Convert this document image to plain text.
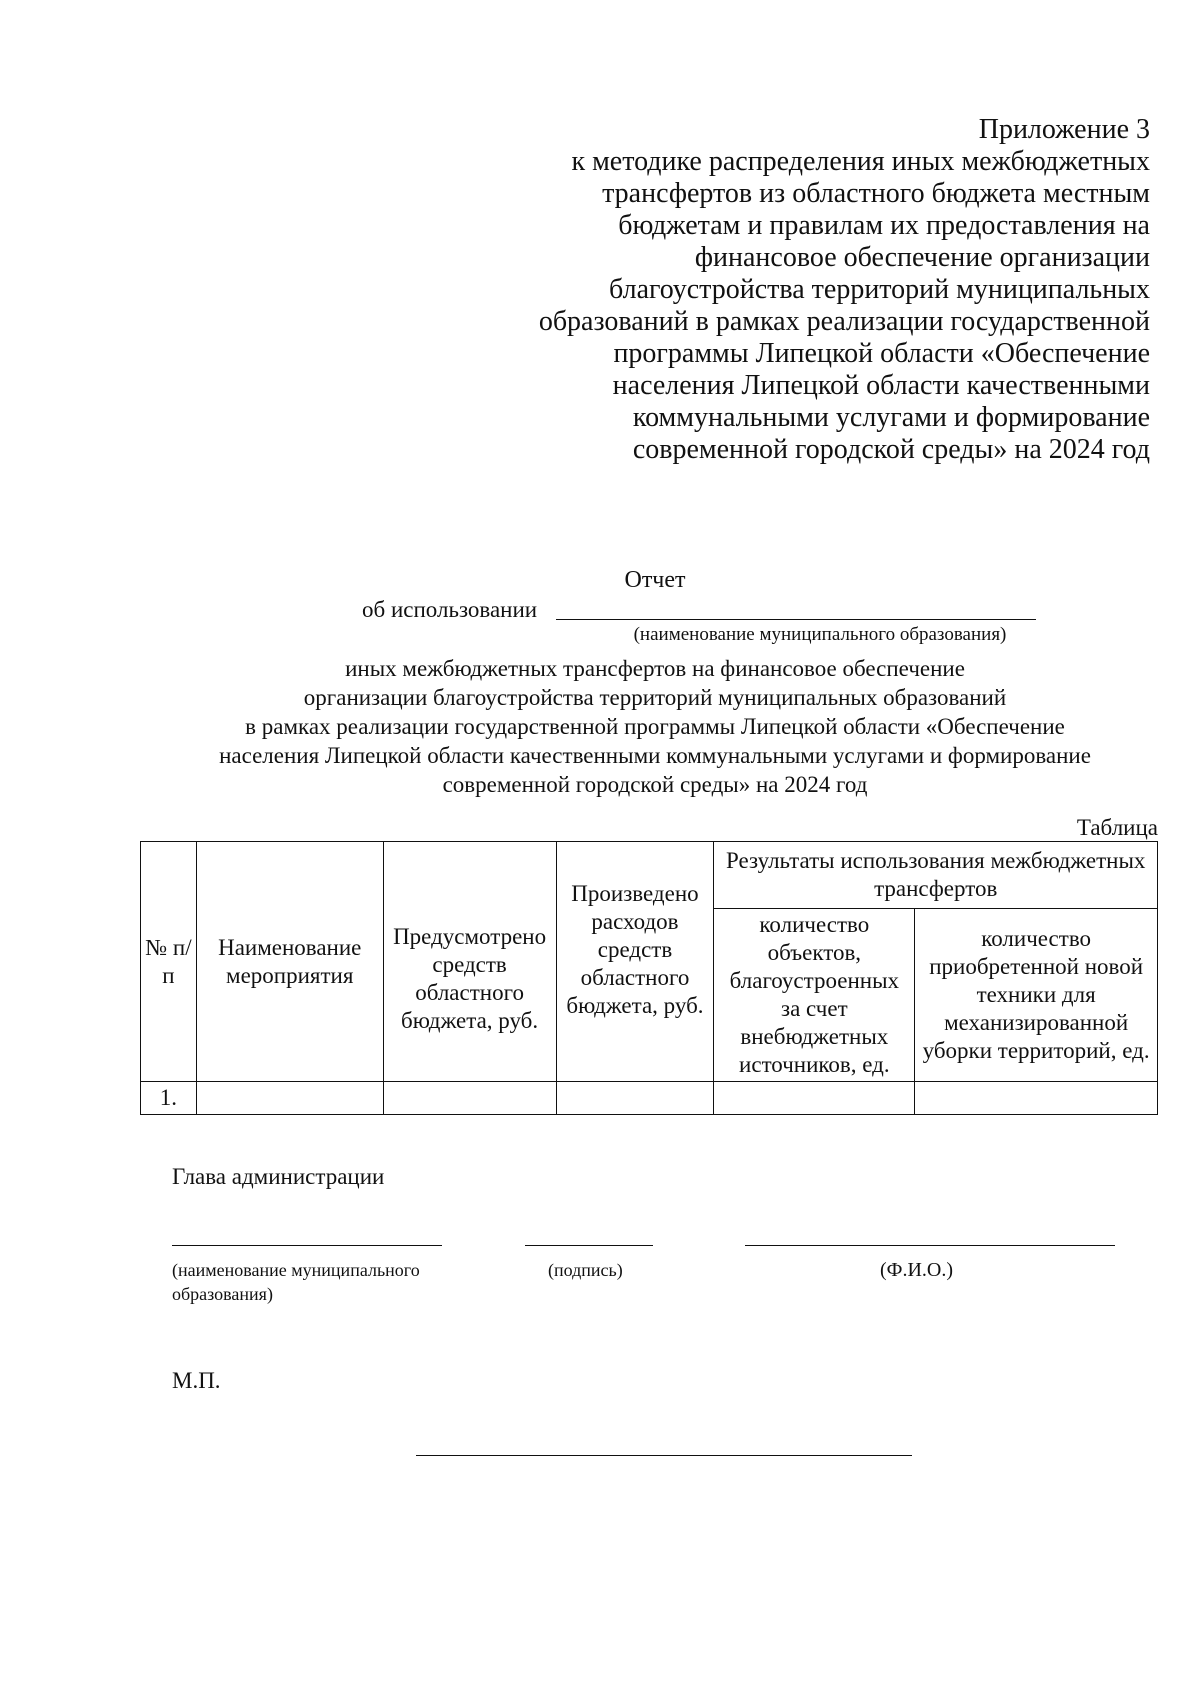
Приложение 3
к методике распределения иных межбюджетных
трансфертов из областного бюджета местным
бюджетам и правилам их предоставления на
финансовое обеспечение организации
благоустройства территорий муниципальных
образований в рамках реализации государственной
программы Липецкой области «Обеспечение
населения Липецкой области качественными
коммунальными услугами и формирование
современной городской среды» на 2024 год
Отчет
об использовании
(наименование муниципального образования)
иных межбюджетных трансфертов на финансовое обеспечение
организации благоустройства территорий муниципальных образований
в рамках реализации государственной программы Липецкой области «Обеспечение
населения Липецкой области качественными коммунальными услугами и формирование
современной городской среды» на 2024 год
Таблица
№ п/п	Наименование мероприятия	Предусмотрено средств областного бюджета, руб.	Произведено расходов средств областного бюджета, руб.	Результаты использования межбюджетных трансфертов	
				количество объектов, благоустроенных за счет внебюджетных источников, ед.	количество приобретенной новой техники для механизированной уборки территорий, ед.
1.					
Глава администрации
(наименование муниципального образования)
(подпись)	(Ф.И.О.)
М.П.
